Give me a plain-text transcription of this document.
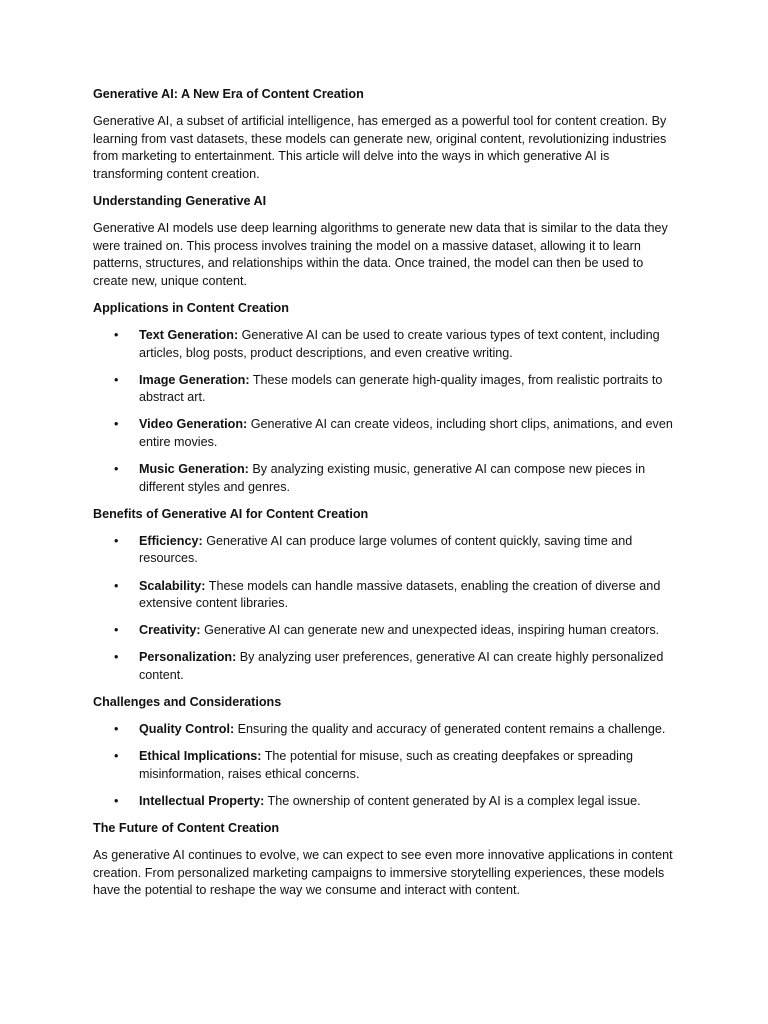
Generative AI: A New Era of Content Creation

Generative AI, a subset of artificial intelligence, has emerged as a powerful tool for content creation. By learning from vast datasets, these models can generate new, original content, revolutionizing industries from marketing to entertainment. This article will delve into the ways in which generative AI is transforming content creation.

Understanding Generative AI

Generative AI models use deep learning algorithms to generate new data that is similar to the data they were trained on. This process involves training the model on a massive dataset, allowing it to learn patterns, structures, and relationships within the data. Once trained, the model can then be used to create new, unique content.

Applications in Content Creation
• Text Generation: Generative AI can be used to create various types of text content, including articles, blog posts, product descriptions, and even creative writing.
• Image Generation: These models can generate high-quality images, from realistic portraits to abstract art.
• Video Generation: Generative AI can create videos, including short clips, animations, and even entire movies.
• Music Generation: By analyzing existing music, generative AI can compose new pieces in different styles and genres.
Benefits of Generative AI for Content Creation
• Efficiency: Generative AI can produce large volumes of content quickly, saving time and resources.
• Scalability: These models can handle massive datasets, enabling the creation of diverse and extensive content libraries.
• Creativity: Generative AI can generate new and unexpected ideas, inspiring human creators.
• Personalization: By analyzing user preferences, generative AI can create highly personalized content.
Challenges and Considerations
• Quality Control: Ensuring the quality and accuracy of generated content remains a challenge.
• Ethical Implications: The potential for misuse, such as creating deepfakes or spreading misinformation, raises ethical concerns.
• Intellectual Property: The ownership of content generated by AI is a complex legal issue.
The Future of Content Creation

As generative AI continues to evolve, we can expect to see even more innovative applications in content creation. From personalized marketing campaigns to immersive storytelling experiences, these models have the potential to reshape the way we consume and interact with content.
